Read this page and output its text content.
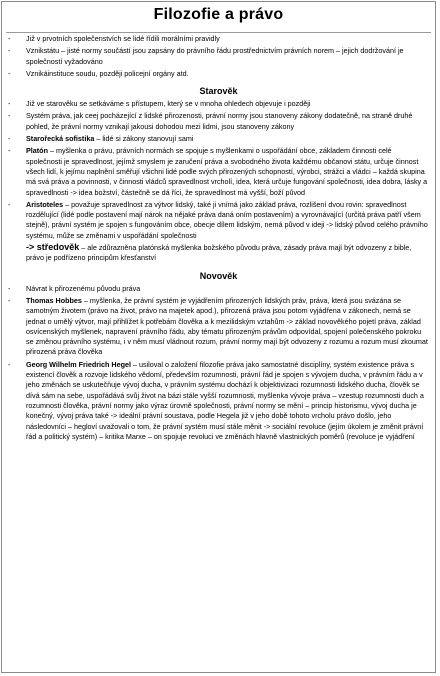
Filozofie a právo
- Již v prvotních společenstvích se lidé řídili morálními pravidly
- Vznikstátu – jisté normy součástí jsou zapsány do právního řádu prostřednictvím právních norem – jejich dodržování je společností vyžadováno
- Vznikáinstituce soudu, později policejní orgány atd.
Starověk
- Již ve starověku se setkáváme s přístupem, který se v mnoha ohledech objevuje i později
- Systém práva, jak ceej pocházející z lidské přirozenosti, právní normy jsou stanoveny zákony dodatečně, na straně druhé pohled, že právní normy vznikají jakousi dohodou mezi lidmi, jsou stanoveny zákony
- Starořecká sofistika – lidé si zákony stanovují sami
- Platón – myšlenka o právu, právních normách se spojuje s myšlenkami o uspořádání obce, základem činnosti celé společnosti je spravedlnost, jejímž smyslem je zaručení práva a svobodného života každému občanovi státu, určuje činnost všech lidí, k jejímu naplnění směřují všichni lidé podle svých přirozených schopností, výrobci, strážci a vládci – každá skupina má svá práva a povinnosti, v činnosti vládců spravedlnost vrcholí, idea, která určuje fungování společnosti, idea dobra, lásky a spravedlnosti -> idea božství, částečně se dá říci, že spravedlnost má vyšší, boží původ
- Aristoteles – považuje spravedlnost za výtvor lidský, také ji vnímá jako základ práva, rozlišení dvou rovin: spravedlnost rozdělující (lidé podle postavení mají nárok na nějaké práva daná oním postavením) a vyrovnávající (určitá práva patří všem stejně), právní systém je spojen s fungováním obce, obecje dílem lidským, nemá původ v ideji -> lidský původ celého právního systému, může se změnami v uspořádání společnosti
-> středověk – ale zdůrazněna platónská myšlenka božského původu práva, zásady práva mají být odvozeny z bible, právo je podřízeno principům křesťanství
Novověk
- Návrat k přirozenému původu práva
- Thomas Hobbes – myšlenka, že právní systém je vyjádřením přirozených lidských práv, práva, která jsou svázána se samotným životem (právo na život, právo na majetek apod.), přirozená práva jsou potom vyjádřena v zákonech, nemá se jednat o umělý výtvor, mají přihlížet k potřebám člověka a k mezilidským vztahům -> základ novověkého pojetí práva, základ osvícenských myšlenek, napravení právního řádu, aby tématu přirozeným právům odpovídal, spojení polečenského pokroku se změnou právního systému, i v něm musí vládnout rozum, právní normy mají být odvozeny z rozumu a rozum musí zkoumat přirozená práva člověka
- Georg Wilhelm Friedrich Hegel – usiloval o založení filozofie práva jako samostatné disciplíny, systém existence práva s existencí člověk a rozvoje lidského vědomí, především rozumnosti, právní řád je spojen s vývojem ducha, v právním řádu a v jeho změnách se uskutečňuje vývoj ducha, v právním systému dochází k objektivizaci rozumnosti lidského ducha, člověk se dívá sám na sebe, uspořádává svůj život na bázi stále vyšší rozumnosti, myšlenka vývoje práva – vzestup rozumnosti duch a rozumnosti člověka, právní normy jako výraz úrovně společnosti, právní normy se mění – princip historismu, vývoj ducha je konečný, vývoj práva také -> ideální právní soustava, podle Hegela již v jeho době tohoto vrcholu právo došlo, jeho následovníci – hegloví uvažovali o tom, že právní systém musí stále měnit -> sociální revoluce (jejím úkolem je změnit právní řád a politický systém) – kritika Marxe – on spojuje revoluci ve změnách hlavně vlastnických poměrů (revoluce je vyjádření
